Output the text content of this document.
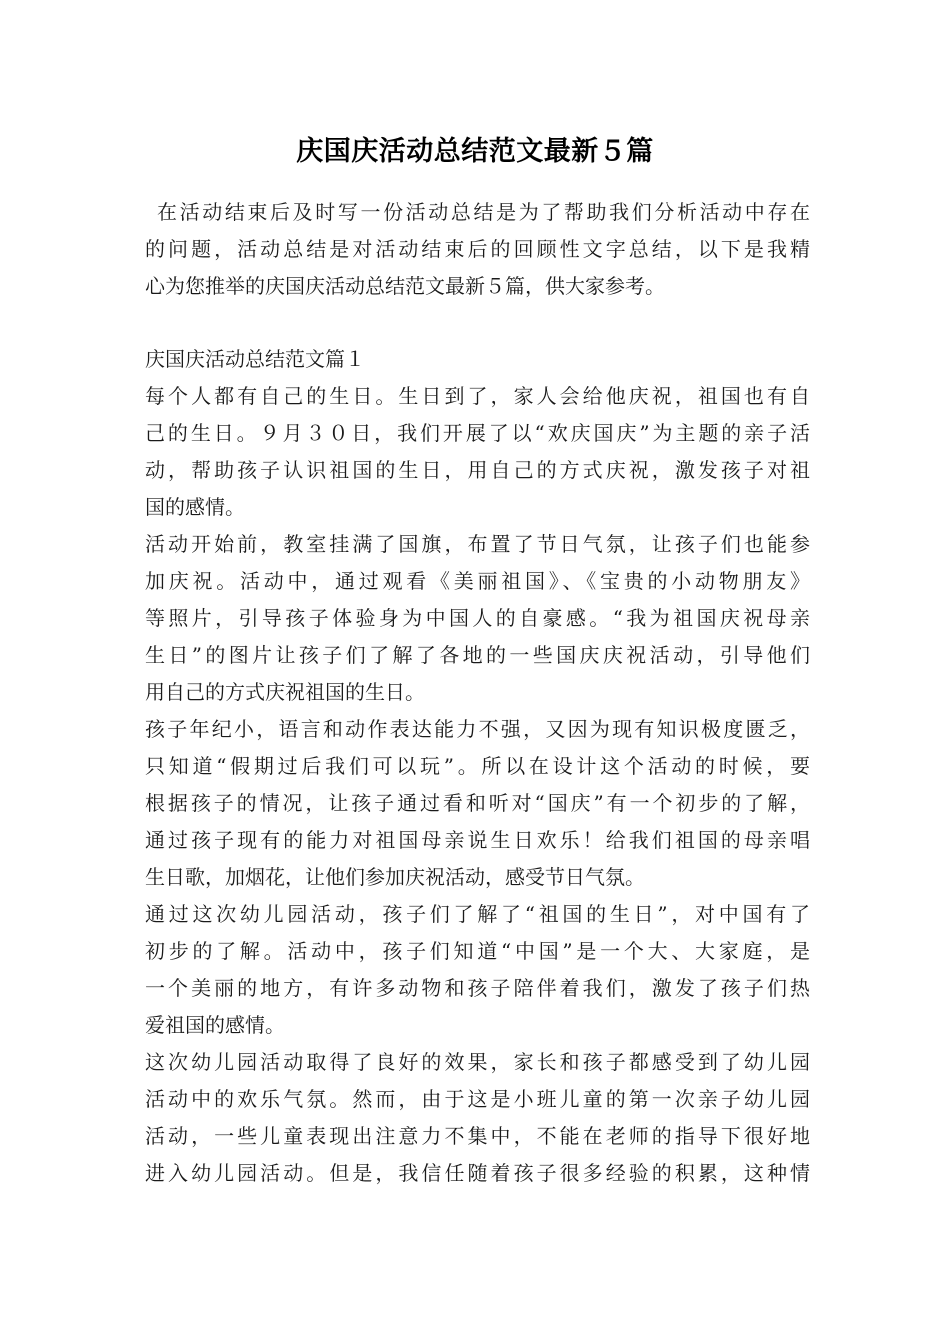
庆国庆活动总结范文最新５篇
在活动结束后及时写一份活动总结是为了帮助我们分析活动中存在
的问题，活动总结是对活动结束后的回顾性文字总结，以下是我精
心为您推举的庆国庆活动总结范文最新５篇，供大家参考。
庆国庆活动总结范文篇１
每个人都有自己的生日。生日到了，家人会给他庆祝，祖国也有自
己的生日。９月３０日，我们开展了以“欢庆国庆”为主题的亲子活
动，帮助孩子认识祖国的生日，用自己的方式庆祝，激发孩子对祖
国的感情。
活动开始前，教室挂满了国旗，布置了节日气氛，让孩子们也能参
加庆祝。活动中，通过观看《美丽祖国》、《宝贵的小动物朋友》
等照片，引导孩子体验身为中国人的自豪感。“我为祖国庆祝母亲
生日”的图片让孩子们了解了各地的一些国庆庆祝活动，引导他们
用自己的方式庆祝祖国的生日。
孩子年纪小，语言和动作表达能力不强，又因为现有知识极度匮乏，
只知道“假期过后我们可以玩”。所以在设计这个活动的时候，要
根据孩子的情况，让孩子通过看和听对“国庆”有一个初步的了解，
通过孩子现有的能力对祖国母亲说生日欢乐！给我们祖国的母亲唱
生日歌，加烟花，让他们参加庆祝活动，感受节日气氛。
通过这次幼儿园活动，孩子们了解了“祖国的生日”，对中国有了
初步的了解。活动中，孩子们知道“中国”是一个大、大家庭，是
一个美丽的地方，有许多动物和孩子陪伴着我们，激发了孩子们热
爱祖国的感情。
这次幼儿园活动取得了良好的效果，家长和孩子都感受到了幼儿园
活动中的欢乐气氛。然而，由于这是小班儿童的第一次亲子幼儿园
活动，一些儿童表现出注意力不集中，不能在老师的指导下很好地
进入幼儿园活动。但是，我信任随着孩子很多经验的积累，这种情
